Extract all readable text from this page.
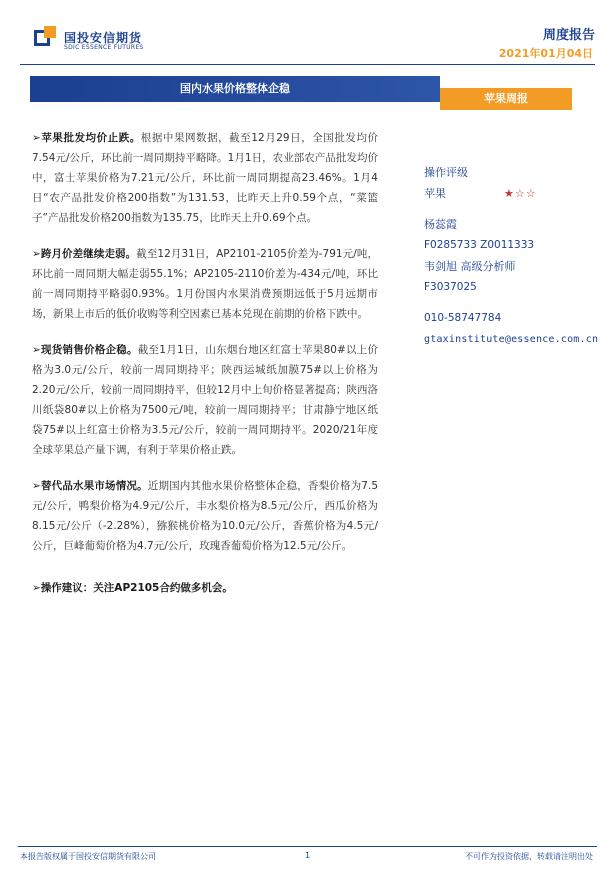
国投安信期货
SDIC ESSENCE FUTURES
周度报告
2021年01月04日
国内水果价格整体企稳
苹果周报

➢苹果批发均价止跌。根据中果网数据，截至12月29日，全国批发均价7.54元/公斤，环比前一周同期持平略降。1月1日，农业部农产品批发均价中，富士苹果价格为7.21元/公斤，环比前一周同期提高23.46%。1月4日“农产品批发价格200指数”为131.53，比昨天上升0.59个点，“菜篮子”产品批发价格200指数为135.75，比昨天上升0.69个点。

➢跨月价差继续走弱。截至12月31日，AP2101-2105价差为-791元/吨，环比前一周同期大幅走弱55.1%；AP2105-2110价差为-434元/吨，环比前一周同期持平略弱0.93%。1月份国内水果消费预期远低于5月远期市场，新果上市后的低价收购等利空因素已基本兑现在前期的价格下跌中。

➢现货销售价格企稳。截至1月1日，山东烟台地区红富士苹果80#以上价格为3.0元/公斤，较前一周同期持平；陕西运城纸加膜75#以上价格为2.20元/公斤，较前一周同期持平，但较12月中上旬价格显著提高；陕西洛川纸袋80#以上价格为7500元/吨，较前一周同期持平；甘肃静宁地区纸袋75#以上红富士价格为3.5元/公斤，较前一周同期持平。2020/21年度全球苹果总产量下调，有利于苹果价格止跌。

➢替代品水果市场情况。近期国内其他水果价格整体企稳，香梨价格为7.5元/公斤，鸭梨价格为4.9元/公斤，丰水梨价格为8.5元/公斤，西瓜价格为8.15元/公斤（-2.28%），猕猴桃价格为10.0元/公斤，香蕉价格为4.5元/公斤，巨峰葡萄价格为4.7元/公斤，玫瑰香葡萄价格为12.5元/公斤。

➢操作建议：关注AP2105合约做多机会。

操作评级
苹果	★☆☆
杨蕊霞
F0285733 Z0011333
韦剑旭 高级分析师
F3037025
010-58747784
gtaxinstitute@essence.com.cn
本报告版权属于国投安信期货有限公司	1	不可作为投资依据，转载请注明出处
